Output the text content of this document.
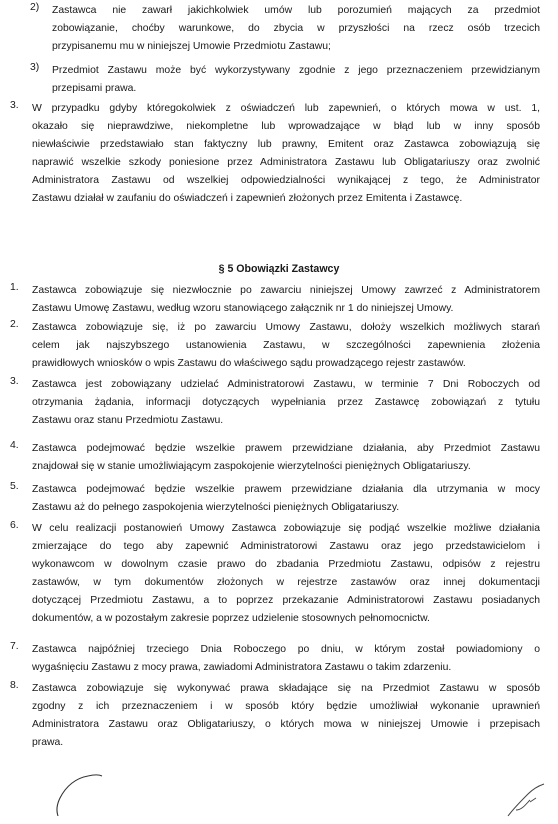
2)	Zastawca nie zawarł jakichkolwiek umów lub porozumień mających za przedmiot
zobowiązanie, choćby warunkowe, do zbycia w przyszłości na rzecz osób trzecich
przypisanemu mu w niniejszej Umowie Przedmiotu Zastawu;
3)	Przedmiot Zastawu może być wykorzystywany zgodnie z jego przeznaczeniem przewidzianym
przepisami prawa.
3.	W przypadku gdyby któregokolwiek z oświadczeń lub zapewnień, o których mowa w ust. 1,
okazało się nieprawdziwe, niekompletne lub wprowadzające w błąd lub w inny sposób
niewłaściwie przedstawiało stan faktyczny lub prawny, Emitent oraz Zastawca zobowiązują się
naprawić wszelkie szkody poniesione przez Administratora Zastawu lub Obligatariuszy oraz zwolnić
Administratora Zastawu od wszelkiej odpowiedzialności wynikającej z tego, że Administrator
Zastawu działał w zaufaniu do oświadczeń i zapewnień złożonych przez Emitenta i Zastawcę.
§ 5 Obowiązki Zastawcy
1.	Zastawca zobowiązuje się niezwłocznie po zawarciu niniejszej Umowy zawrzeć z Administratorem
Zastawu Umowę Zastawu, według wzoru stanowiącego załącznik nr 1 do niniejszej Umowy.
2.	Zastawca zobowiązuje się, iż po zawarciu Umowy Zastawu, dołoży wszelkich możliwych starań
celem jak najszybszego ustanowienia Zastawu, w szczególności zapewnienia złożenia
prawidłowych wniosków o wpis Zastawu do właściwego sądu prowadzącego rejestr zastawów.
3.	Zastawca jest zobowiązany udzielać Administratorowi Zastawu, w terminie 7 Dni Roboczych od
otrzymania żądania, informacji dotyczących wypełniania przez Zastawcę zobowiązań z tytułu
Zastawu oraz stanu Przedmiotu Zastawu.
4.	Zastawca podejmować będzie wszelkie prawem przewidziane działania, aby Przedmiot Zastawu
znajdował się w stanie umożliwiającym zaspokojenie wierzytelności pieniężnych Obligatariuszy.
5.	Zastawca podejmować będzie wszelkie prawem przewidziane działania dla utrzymania w mocy
Zastawu aż do pełnego zaspokojenia wierzytelności pieniężnych Obligatariuszy.
6.	W celu realizacji postanowień Umowy Zastawca zobowiązuje się podjąć wszelkie możliwe działania
zmierzające do tego aby zapewnić Administratorowi Zastawu oraz jego przedstawicielom i
wykonawcom w dowolnym czasie prawo do zbadania Przedmiotu Zastawu, odpisów z rejestru
zastawów, w tym dokumentów złożonych w rejestrze zastawów oraz innej dokumentacji
dotyczącej Przedmiotu Zastawu, a to poprzez przekazanie Administratorowi Zastawu posiadanych
dokumentów, a w pozostałym zakresie poprzez udzielenie stosownych pełnomocnictw.
7.	Zastawca najpóźniej trzeciego Dnia Roboczego po dniu, w którym został powiadomiony o
wygaśnięciu Zastawu z mocy prawa, zawiadomi Administratora Zastawu o takim zdarzeniu.
8.	Zastawca zobowiązuje się wykonywać prawa składające się na Przedmiot Zastawu w sposób
zgodny z ich przeznaczeniem i w sposób który będzie umożliwiał wykonanie uprawnień
Administratora Zastawu oraz Obligatariuszy, o których mowa w niniejszej Umowie i przepisach
prawa.
